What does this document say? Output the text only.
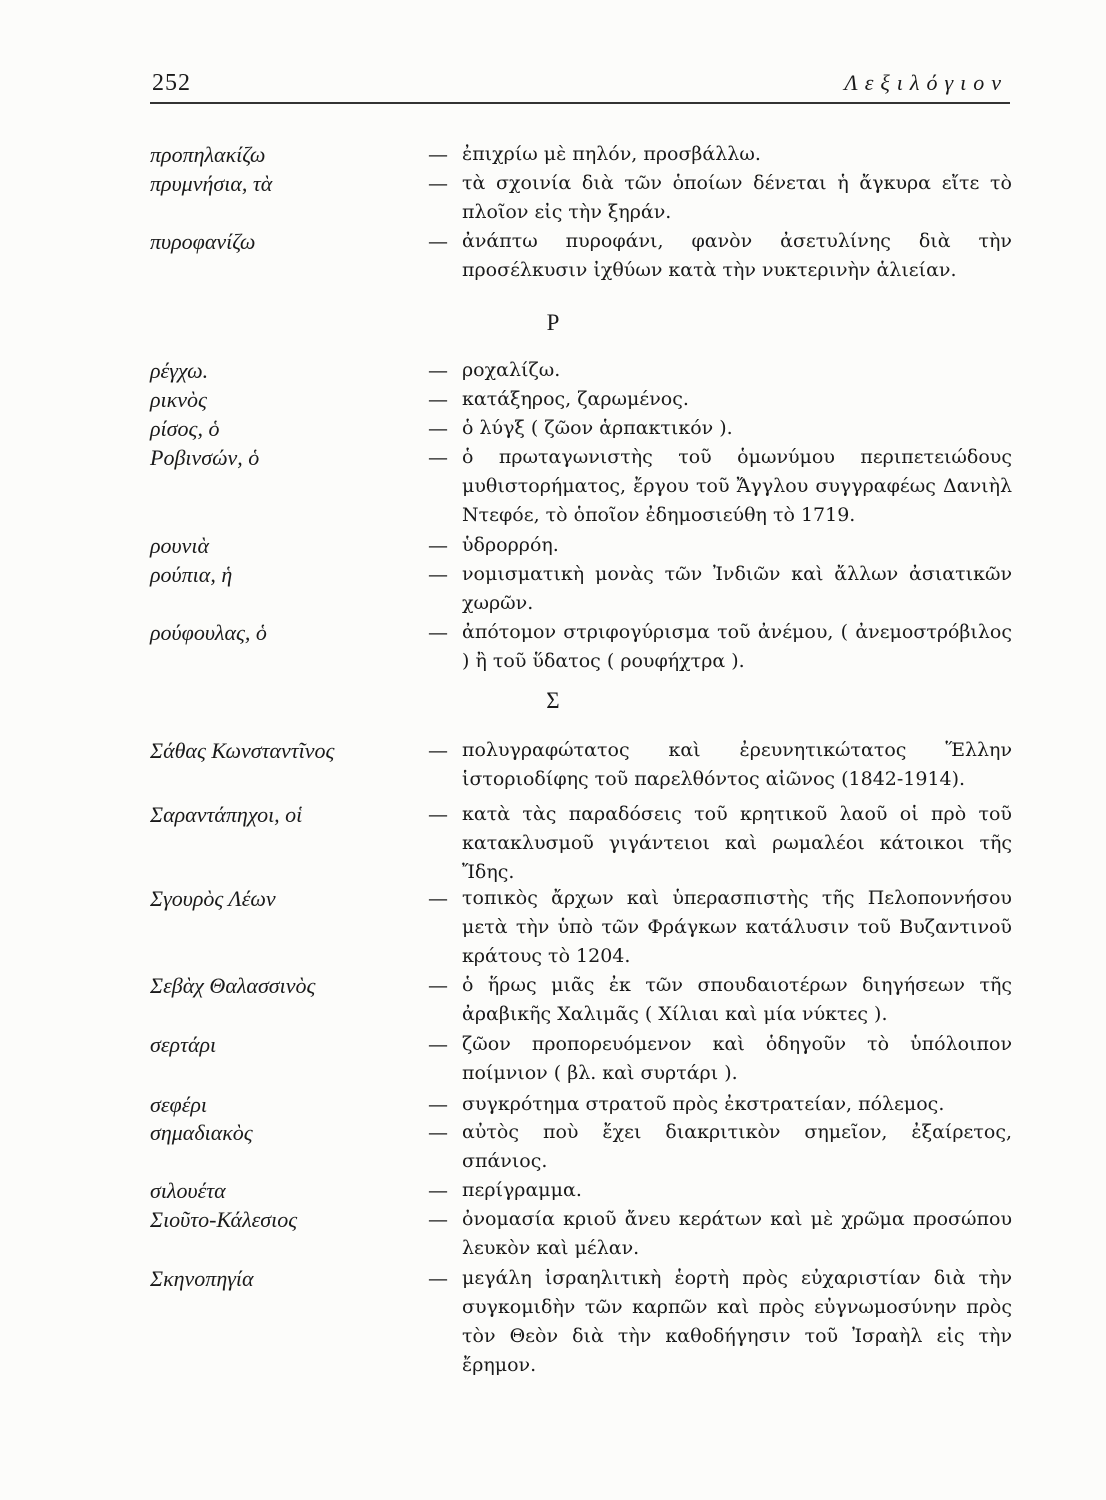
252	Λεξιλόγιον
προπηλακίζω	— ἐπιχρίω μὲ πηλόν, προσβάλλω.
πρυμνήσια, τὰ	— τὰ σχοινία διὰ τῶν ὁποίων δένεται ἡ ἄγκυρα εἴτε τὸ πλοῖον εἰς τὴν ξηράν.
πυροφανίζω	— ἀνάπτω πυροφάνι, φανὸν ἀσετυλίνης διὰ τὴν προσέλκυσιν ἰχθύων κατὰ τὴν νυκτερινὴν ἁλιείαν.
Ρ
ρέγχω.	— ροχαλίζω.
ρικνὸς	— κατάξηρος, ζαρωμένος.
ρίσος, ὁ	— ὁ λύγξ ( ζῶον ἁρπακτικόν ).
Ροβινσών, ὁ	— ὁ πρωταγωνιστὴς τοῦ ὁμωνύμου περιπετειώδους μυθιστορήματος, ἔργου τοῦ Ἄγγλου συγγραφέως Δανιὴλ Ντεφόε, τὸ ὁποῖον ἐδημοσιεύθη τὸ 1719.
ρουνιὰ	— ὑδρορρόη.
ρούπια, ἡ	— νομισματικὴ μονὰς τῶν Ἰνδιῶν καὶ ἄλλων ἀσιατικῶν χωρῶν.
ρούφουλας, ὁ	— ἀπότομον στριφογύρισμα τοῦ ἀνέμου, ( ἀνεμοστρόβιλος ) ἢ τοῦ ὕδατος ( ρουφήχτρα ).
Σ
Σάθας Κωνσταντῖνος	— πολυγραφώτατος καὶ ἐρευνητικώτατος Ἕλλην ἱστοριοδίφης τοῦ παρελθόντος αἰῶνος (1842-1914).
Σαραντάπηχοι, οἱ	— κατὰ τὰς παραδόσεις τοῦ κρητικοῦ λαοῦ οἱ πρὸ τοῦ κατακλυσμοῦ γιγάντειοι καὶ ρωμαλέοι κάτοικοι τῆς Ἴδης.
Σγουρὸς Λέων	— τοπικὸς ἄρχων καὶ ὑπερασπιστὴς τῆς Πελοποννήσου μετὰ τὴν ὑπὸ τῶν Φράγκων κατάλυσιν τοῦ Βυζαντινοῦ κράτους τὸ 1204.
Σεβὰχ Θαλασσινὸς	— ὁ ἥρως μιᾶς ἐκ τῶν σπουδαιοτέρων διηγήσεων τῆς ἀραβικῆς Χαλιμᾶς ( Χίλιαι καὶ μία νύκτες ).
σερτάρι	— ζῶον προπορευόμενον καὶ ὁδηγοῦν τὸ ὑπόλοιπον ποίμνιον ( βλ. καὶ συρτάρι ).
σεφέρι	— συγκρότημα στρατοῦ πρὸς ἐκστρατείαν, πόλεμος.
σημαδιακὸς	— αὐτὸς ποὺ ἔχει διακριτικὸν σημεῖον, ἐξαίρετος, σπάνιος.
σιλουέτα	— περίγραμμα.
Σιοῦτο-Κάλεσιος	— ὀνομασία κριοῦ ἄνευ κεράτων καὶ μὲ χρῶμα προσώπου λευκὸν καὶ μέλαν.
Σκηνοπηγία	— μεγάλη ἰσραηλιτικὴ ἑορτὴ πρὸς εὐχαριστίαν διὰ τὴν συγκομιδὴν τῶν καρπῶν καὶ πρὸς εὐγνωμοσύνην πρὸς τὸν Θεὸν διὰ τὴν καθοδήγησιν τοῦ Ἰσραὴλ εἰς τὴν ἔρημον.
